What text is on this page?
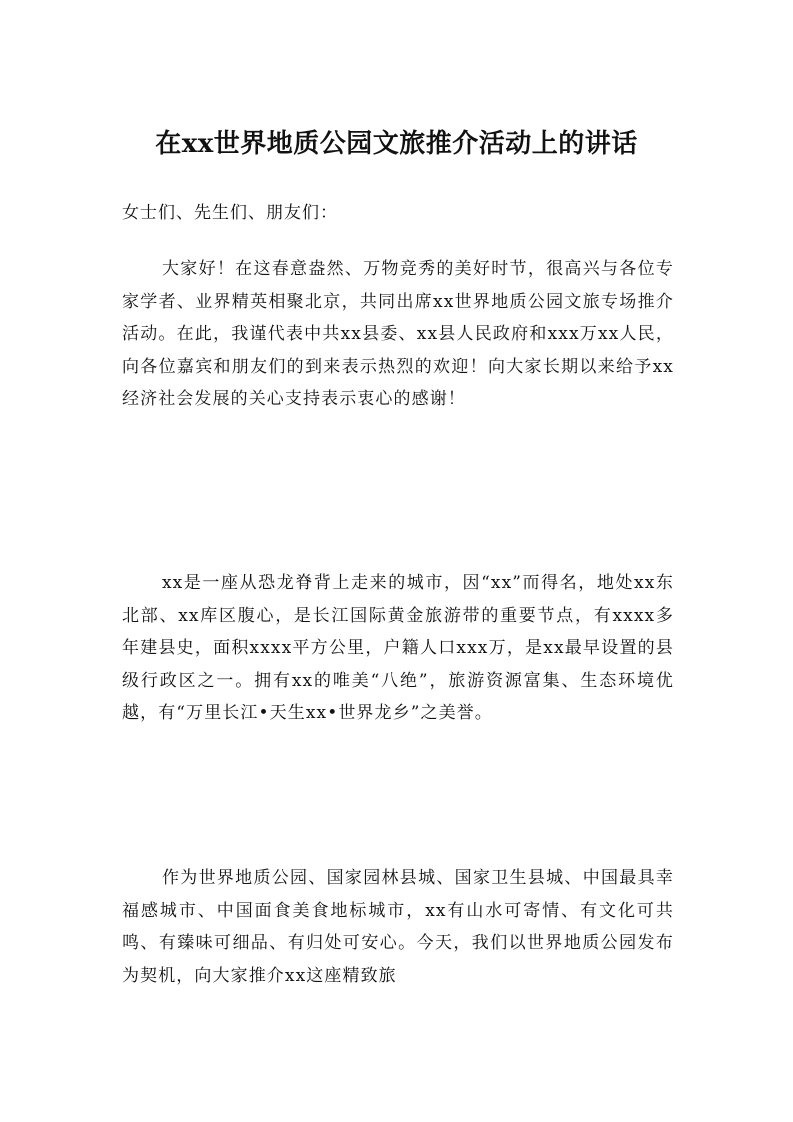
在xx世界地质公园文旅推介活动上的讲话

女士们、先生们、朋友们：

大家好！在这春意盎然、万物竞秀的美好时节，很高兴与各位专家学者、业界精英相聚北京，共同出席xx世界地质公园文旅专场推介活动。在此，我谨代表中共xx县委、xx县人民政府和xxx万xx人民，向各位嘉宾和朋友们的到来表示热烈的欢迎！向大家长期以来给予xx经济社会发展的关心支持表示衷心的感谢！

xx是一座从恐龙脊背上走来的城市，因“xx”而得名，地处xx东北部、xx库区腹心，是长江国际黄金旅游带的重要节点，有xxxx多年建县史，面积xxxx平方公里，户籍人口xxx万，是xx最早设置的县级行政区之一。拥有xx的唯美“八绝”，旅游资源富集、生态环境优越，有“万里长江•天生xx•世界龙乡”之美誉。

作为世界地质公园、国家园林县城、国家卫生县城、中国最具幸福感城市、中国面食美食地标城市，xx有山水可寄情、有文化可共鸣、有臻味可细品、有归处可安心。今天，我们以世界地质公园发布为契机，向大家推介xx这座精致旅
